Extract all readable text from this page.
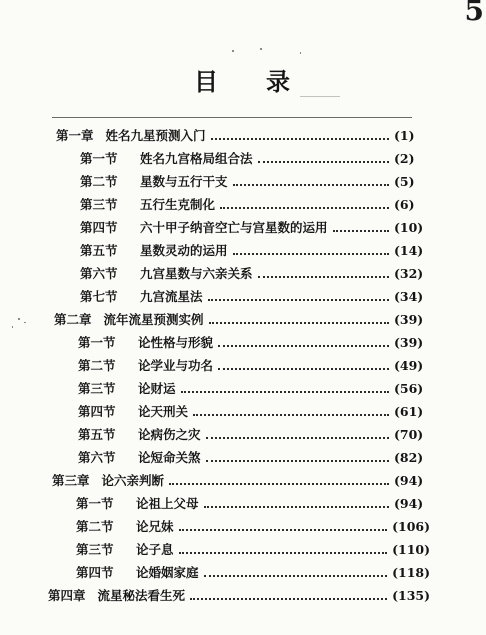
5
目 录
第一章 姓名九星预测入门	(1)
第一节	姓名九宫格局组合法	(2)
第二节	星数与五行干支	(5)
第三节	五行生克制化	(6)
第四节	六十甲子纳音空亡与宫星数的运用	(10)
第五节	星数灵动的运用	(14)
第六节	九宫星数与六亲关系	(32)
第七节	九宫流星法	(34)
第二章 流年流星预测实例	(39)
第一节	论性格与形貌	(39)
第二节	论学业与功名	(49)
第三节	论财运	(56)
第四节	论天刑关	(61)
第五节	论病伤之灾	(70)
第六节	论短命关煞	(82)
第三章 论六亲判断	(94)
第一节	论祖上父母	(94)
第二节	论兄妹	(106)
第三节	论子息	(110)
第四节	论婚姻家庭	(118)
第四章 流星秘法看生死	(135)
